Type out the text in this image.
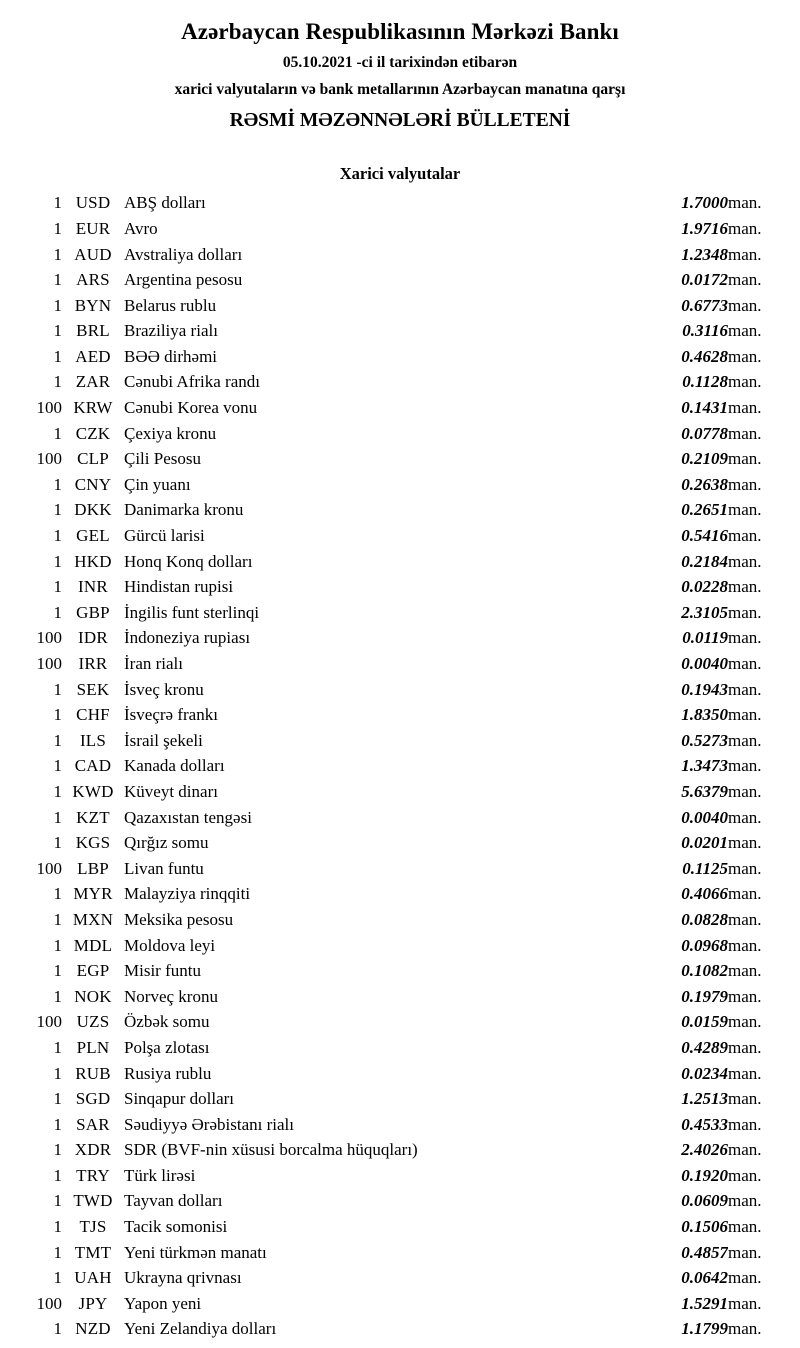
Azərbaycan Respublikasının Mərkəzi Bankı
05.10.2021 -ci il tarixindən etibarən
xarici valyutaların və bank metallarının Azərbaycan manatına qarşı
RƏSMİ MƏZƏNNƏLƏRİ BÜLLETENİ
Xarici valyutalar
1	USD	ABŞ dolları	1.7000	man.
1	EUR	Avro	1.9716	man.
1	AUD	Avstraliya dolları	1.2348	man.
1	ARS	Argentina pesosu	0.0172	man.
1	BYN	Belarus rublu	0.6773	man.
1	BRL	Braziliya rialı	0.3116	man.
1	AED	BƏƏ dirhəmi	0.4628	man.
1	ZAR	Cənubi Afrika randı	0.1128	man.
100	KRW	Cənubi Korea vonu	0.1431	man.
1	CZK	Çexiya kronu	0.0778	man.
100	CLP	Çili Pesosu	0.2109	man.
1	CNY	Çin yuanı	0.2638	man.
1	DKK	Danimarka kronu	0.2651	man.
1	GEL	Gürcü larisi	0.5416	man.
1	HKD	Honq Konq dolları	0.2184	man.
1	INR	Hindistan rupisi	0.0228	man.
1	GBP	İngilis funt sterlinqi	2.3105	man.
100	IDR	İndoneziya rupiası	0.0119	man.
100	IRR	İran rialı	0.0040	man.
1	SEK	İsveç kronu	0.1943	man.
1	CHF	İsveçrə frankı	1.8350	man.
1	ILS	İsrail şekeli	0.5273	man.
1	CAD	Kanada dolları	1.3473	man.
1	KWD	Küveyt dinarı	5.6379	man.
1	KZT	Qazaxıstan tengəsi	0.0040	man.
1	KGS	Qırğız somu	0.0201	man.
100	LBP	Livan funtu	0.1125	man.
1	MYR	Malayziya rinqqiti	0.4066	man.
1	MXN	Meksika pesosu	0.0828	man.
1	MDL	Moldova leyi	0.0968	man.
1	EGP	Misir funtu	0.1082	man.
1	NOK	Norveç kronu	0.1979	man.
100	UZS	Özbək somu	0.0159	man.
1	PLN	Polşa zlotası	0.4289	man.
1	RUB	Rusiya rublu	0.0234	man.
1	SGD	Sinqapur dolları	1.2513	man.
1	SAR	Səudiyyə Ərəbistanı rialı	0.4533	man.
1	XDR	SDR (BVF-nin xüsusi borcalma hüquqları)	2.4026	man.
1	TRY	Türk lirəsi	0.1920	man.
1	TWD	Tayvan dolları	0.0609	man.
1	TJS	Tacik somonisi	0.1506	man.
1	TMT	Yeni türkmən manatı	0.4857	man.
1	UAH	Ukrayna qrivnası	0.0642	man.
100	JPY	Yapon yeni	1.5291	man.
1	NZD	Yeni Zelandiya dolları	1.1799	man.
